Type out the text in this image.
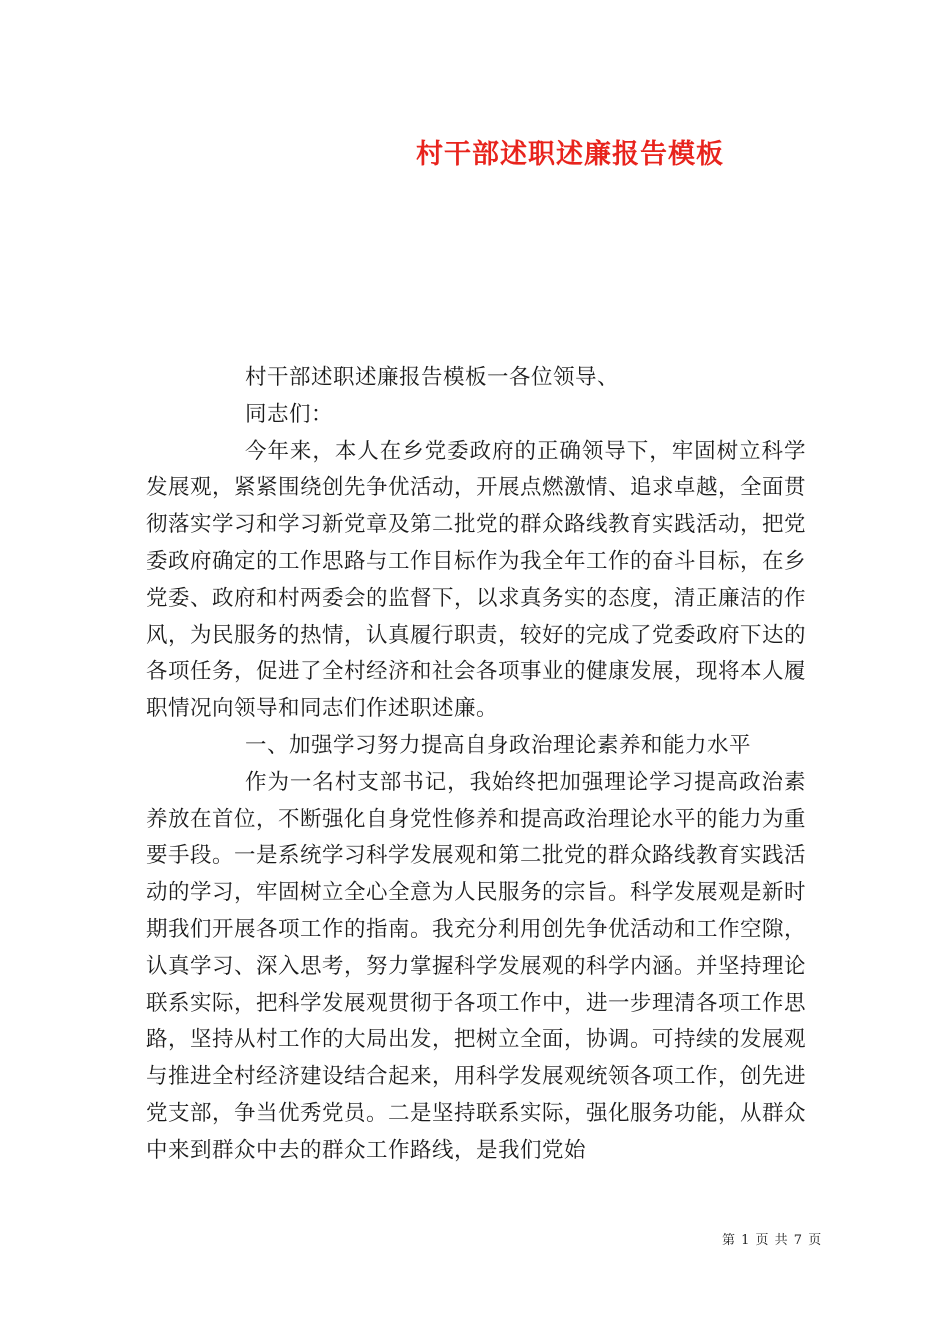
村干部述职述廉报告模板

村干部述职述廉报告模板一各位领导、

同志们：

今年来，本人在乡党委政府的正确领导下，牢固树立科学发展观，紧紧围绕创先争优活动，开展点燃激情、追求卓越，全面贯彻落实学习和学习新党章及第二批党的群众路线教育实践活动，把党委政府确定的工作思路与工作目标作为我全年工作的奋斗目标，在乡党委、政府和村两委会的监督下，以求真务实的态度，清正廉洁的作风，为民服务的热情，认真履行职责，较好的完成了党委政府下达的各项任务，促进了全村经济和社会各项事业的健康发展，现将本人履职情况向领导和同志们作述职述廉。

一、加强学习努力提高自身政治理论素养和能力水平

作为一名村支部书记，我始终把加强理论学习提高政治素养放在首位，不断强化自身党性修养和提高政治理论水平的能力为重要手段。一是系统学习科学发展观和第二批党的群众路线教育实践活动的学习，牢固树立全心全意为人民服务的宗旨。科学发展观是新时期我们开展各项工作的指南。我充分利用创先争优活动和工作空隙，认真学习、深入思考，努力掌握科学发展观的科学内涵。并坚持理论联系实际，把科学发展观贯彻于各项工作中，进一步理清各项工作思路，坚持从村工作的大局出发，把树立全面，协调。可持续的发展观与推进全村经济建设结合起来，用科学发展观统领各项工作，创先进党支部，争当优秀党员。二是坚持联系实际，强化服务功能，从群众中来到群众中去的群众工作路线，是我们党始

第 1 页 共 7 页
